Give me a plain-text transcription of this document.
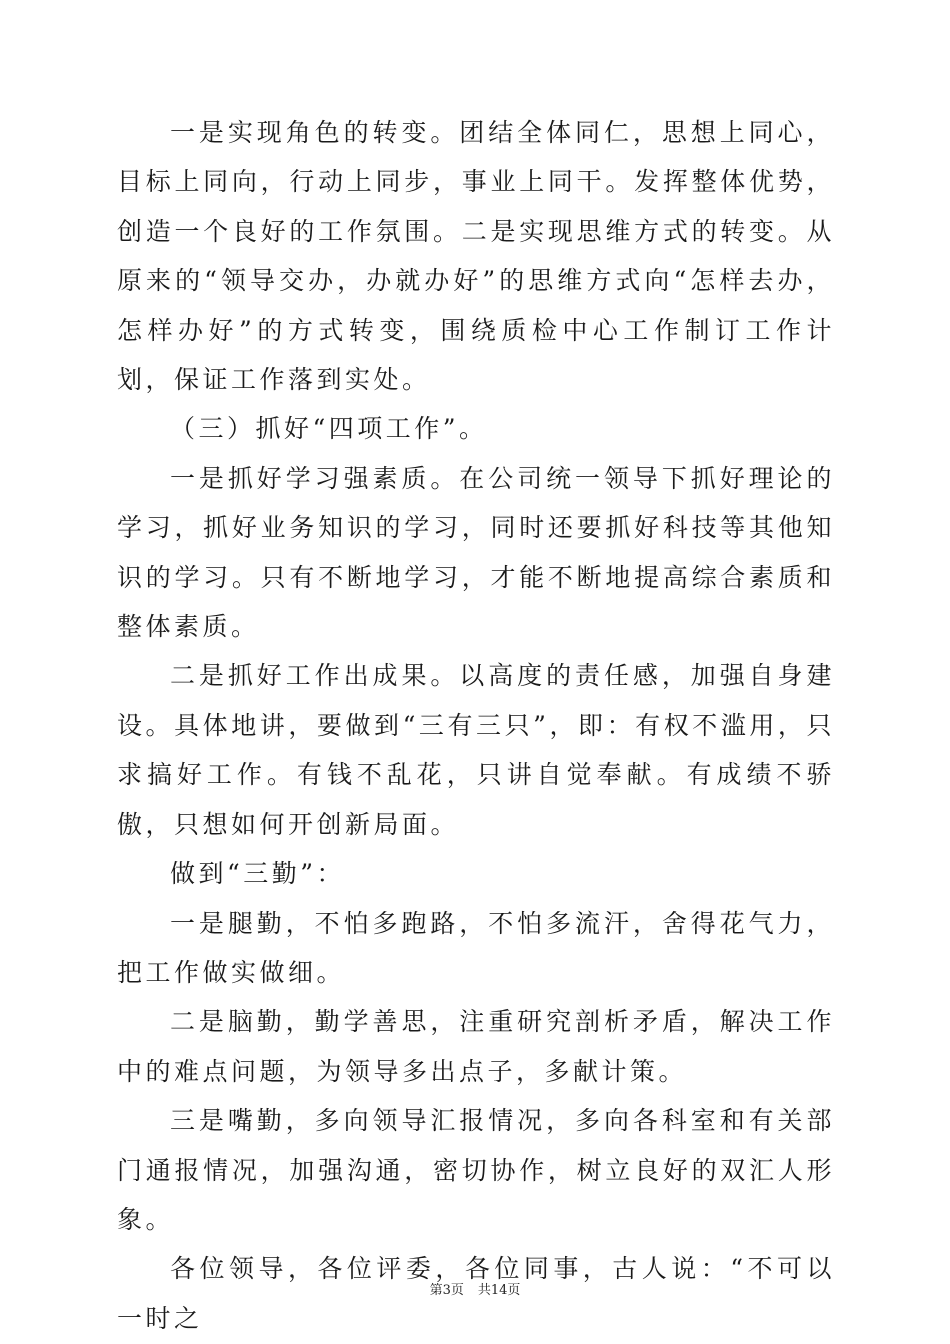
一是实现角色的转变。团结全体同仁，思想上同心，目标上同向，行动上同步，事业上同干。发挥整体优势，创造一个良好的工作氛围。二是实现思维方式的转变。从原来的“领导交办，办就办好”的思维方式向“怎样去办，怎样办好”的方式转变，围绕质检中心工作制订工作计划，保证工作落到实处。

（三）抓好“四项工作”。

一是抓好学习强素质。在公司统一领导下抓好理论的学习，抓好业务知识的学习，同时还要抓好科技等其他知识的学习。只有不断地学习，才能不断地提高综合素质和整体素质。

二是抓好工作出成果。以高度的责任感，加强自身建设。具体地讲，要做到“三有三只”，即：有权不滥用，只求搞好工作。有钱不乱花，只讲自觉奉献。有成绩不骄傲，只想如何开创新局面。

做到“三勤”：

一是腿勤，不怕多跑路，不怕多流汗，舍得花气力，把工作做实做细。

二是脑勤，勤学善思，注重研究剖析矛盾，解决工作中的难点问题，为领导多出点子，多献计策。

三是嘴勤，多向领导汇报情况，多向各科室和有关部门通报情况，加强沟通，密切协作，树立良好的双汇人形象。

各位领导，各位评委，各位同事，古人说：“不可以一时之

第3页 共14页
